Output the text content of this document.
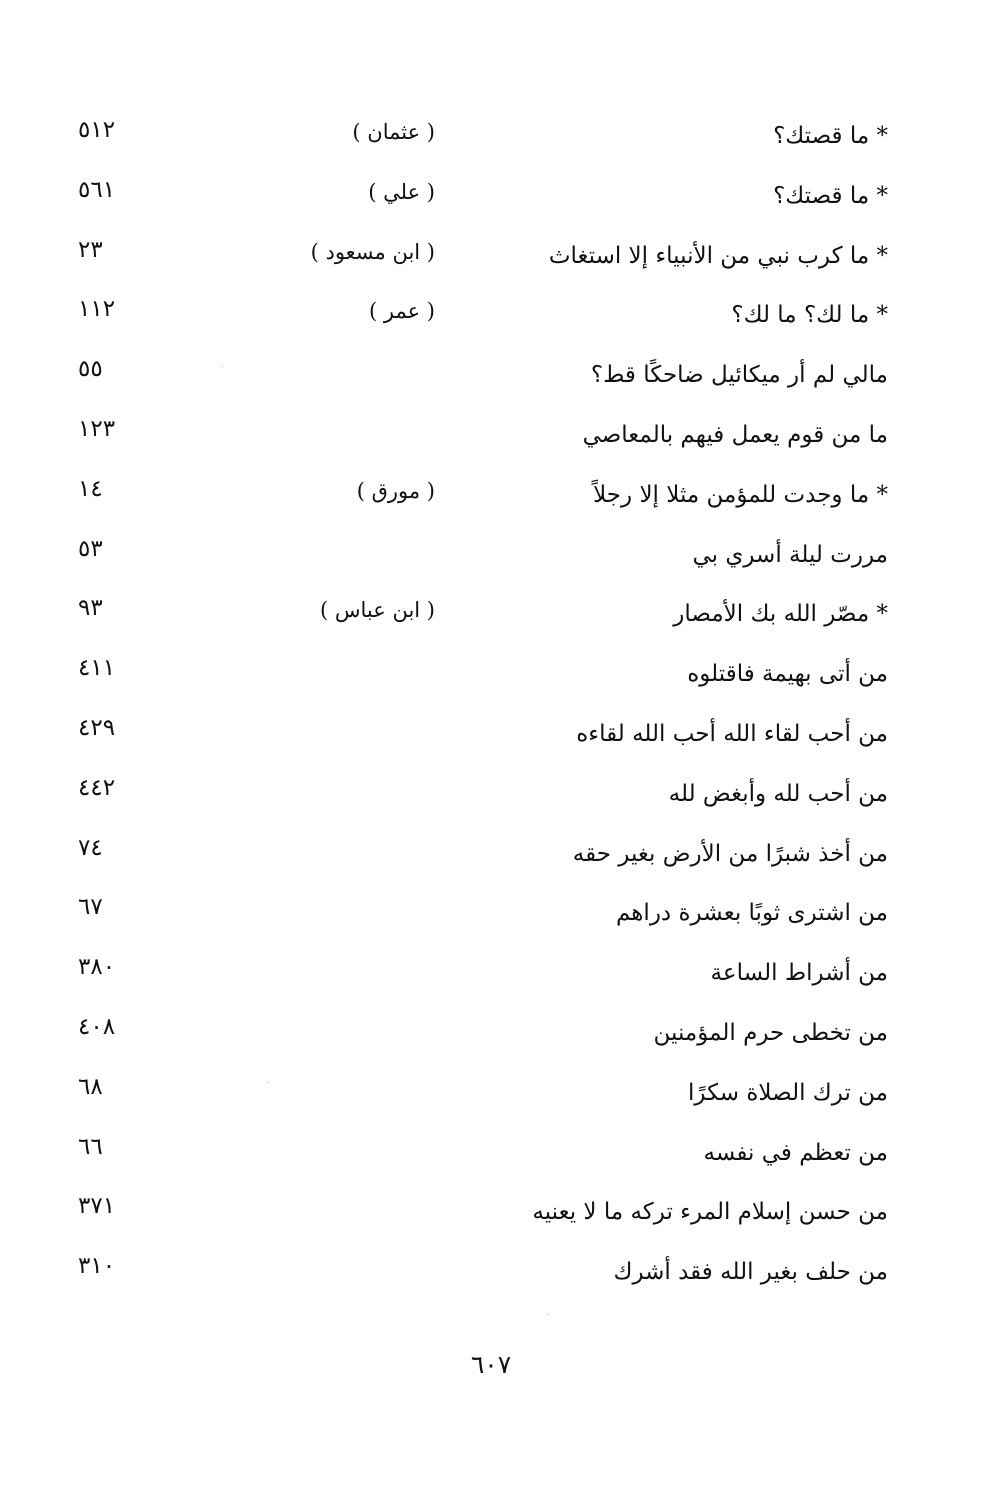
* ما قصتك؟
( عثمان )
٥١٢
* ما قصتك؟
( علي )
٥٦١
* ما كرب نبي من الأنبياء إلا استغاث
( ابن مسعود )
٢٣
* ما لك؟ ما لك؟
( عمر )
١١٢
مالي لم أر ميكائيل ضاحكًا قط؟
٥٥
ما من قوم يعمل فيهم بالمعاصي
١٢٣
* ما وجدت للمؤمن مثلا إلا رجلاً
( مورق )
١٤
مررت ليلة أسري بي
٥٣
* مصّر الله بك الأمصار
( ابن عباس )
٩٣
من أتى بهيمة فاقتلوه
٤١١
من أحب لقاء الله أحب الله لقاءه
٤٢٩
من أحب لله وأبغض لله
٤٤٢
من أخذ شبرًا من الأرض بغير حقه
٧٤
من اشترى ثوبًا بعشرة دراهم
٦٧
من أشراط الساعة
٣٨٠
من تخطى حرم المؤمنين
٤٠٨
من ترك الصلاة سكرًا
٦٨
من تعظم في نفسه
٦٦
من حسن إسلام المرء تركه ما لا يعنيه
٣٧١
من حلف بغير الله فقد أشرك
٣١٠
٦٠٧
